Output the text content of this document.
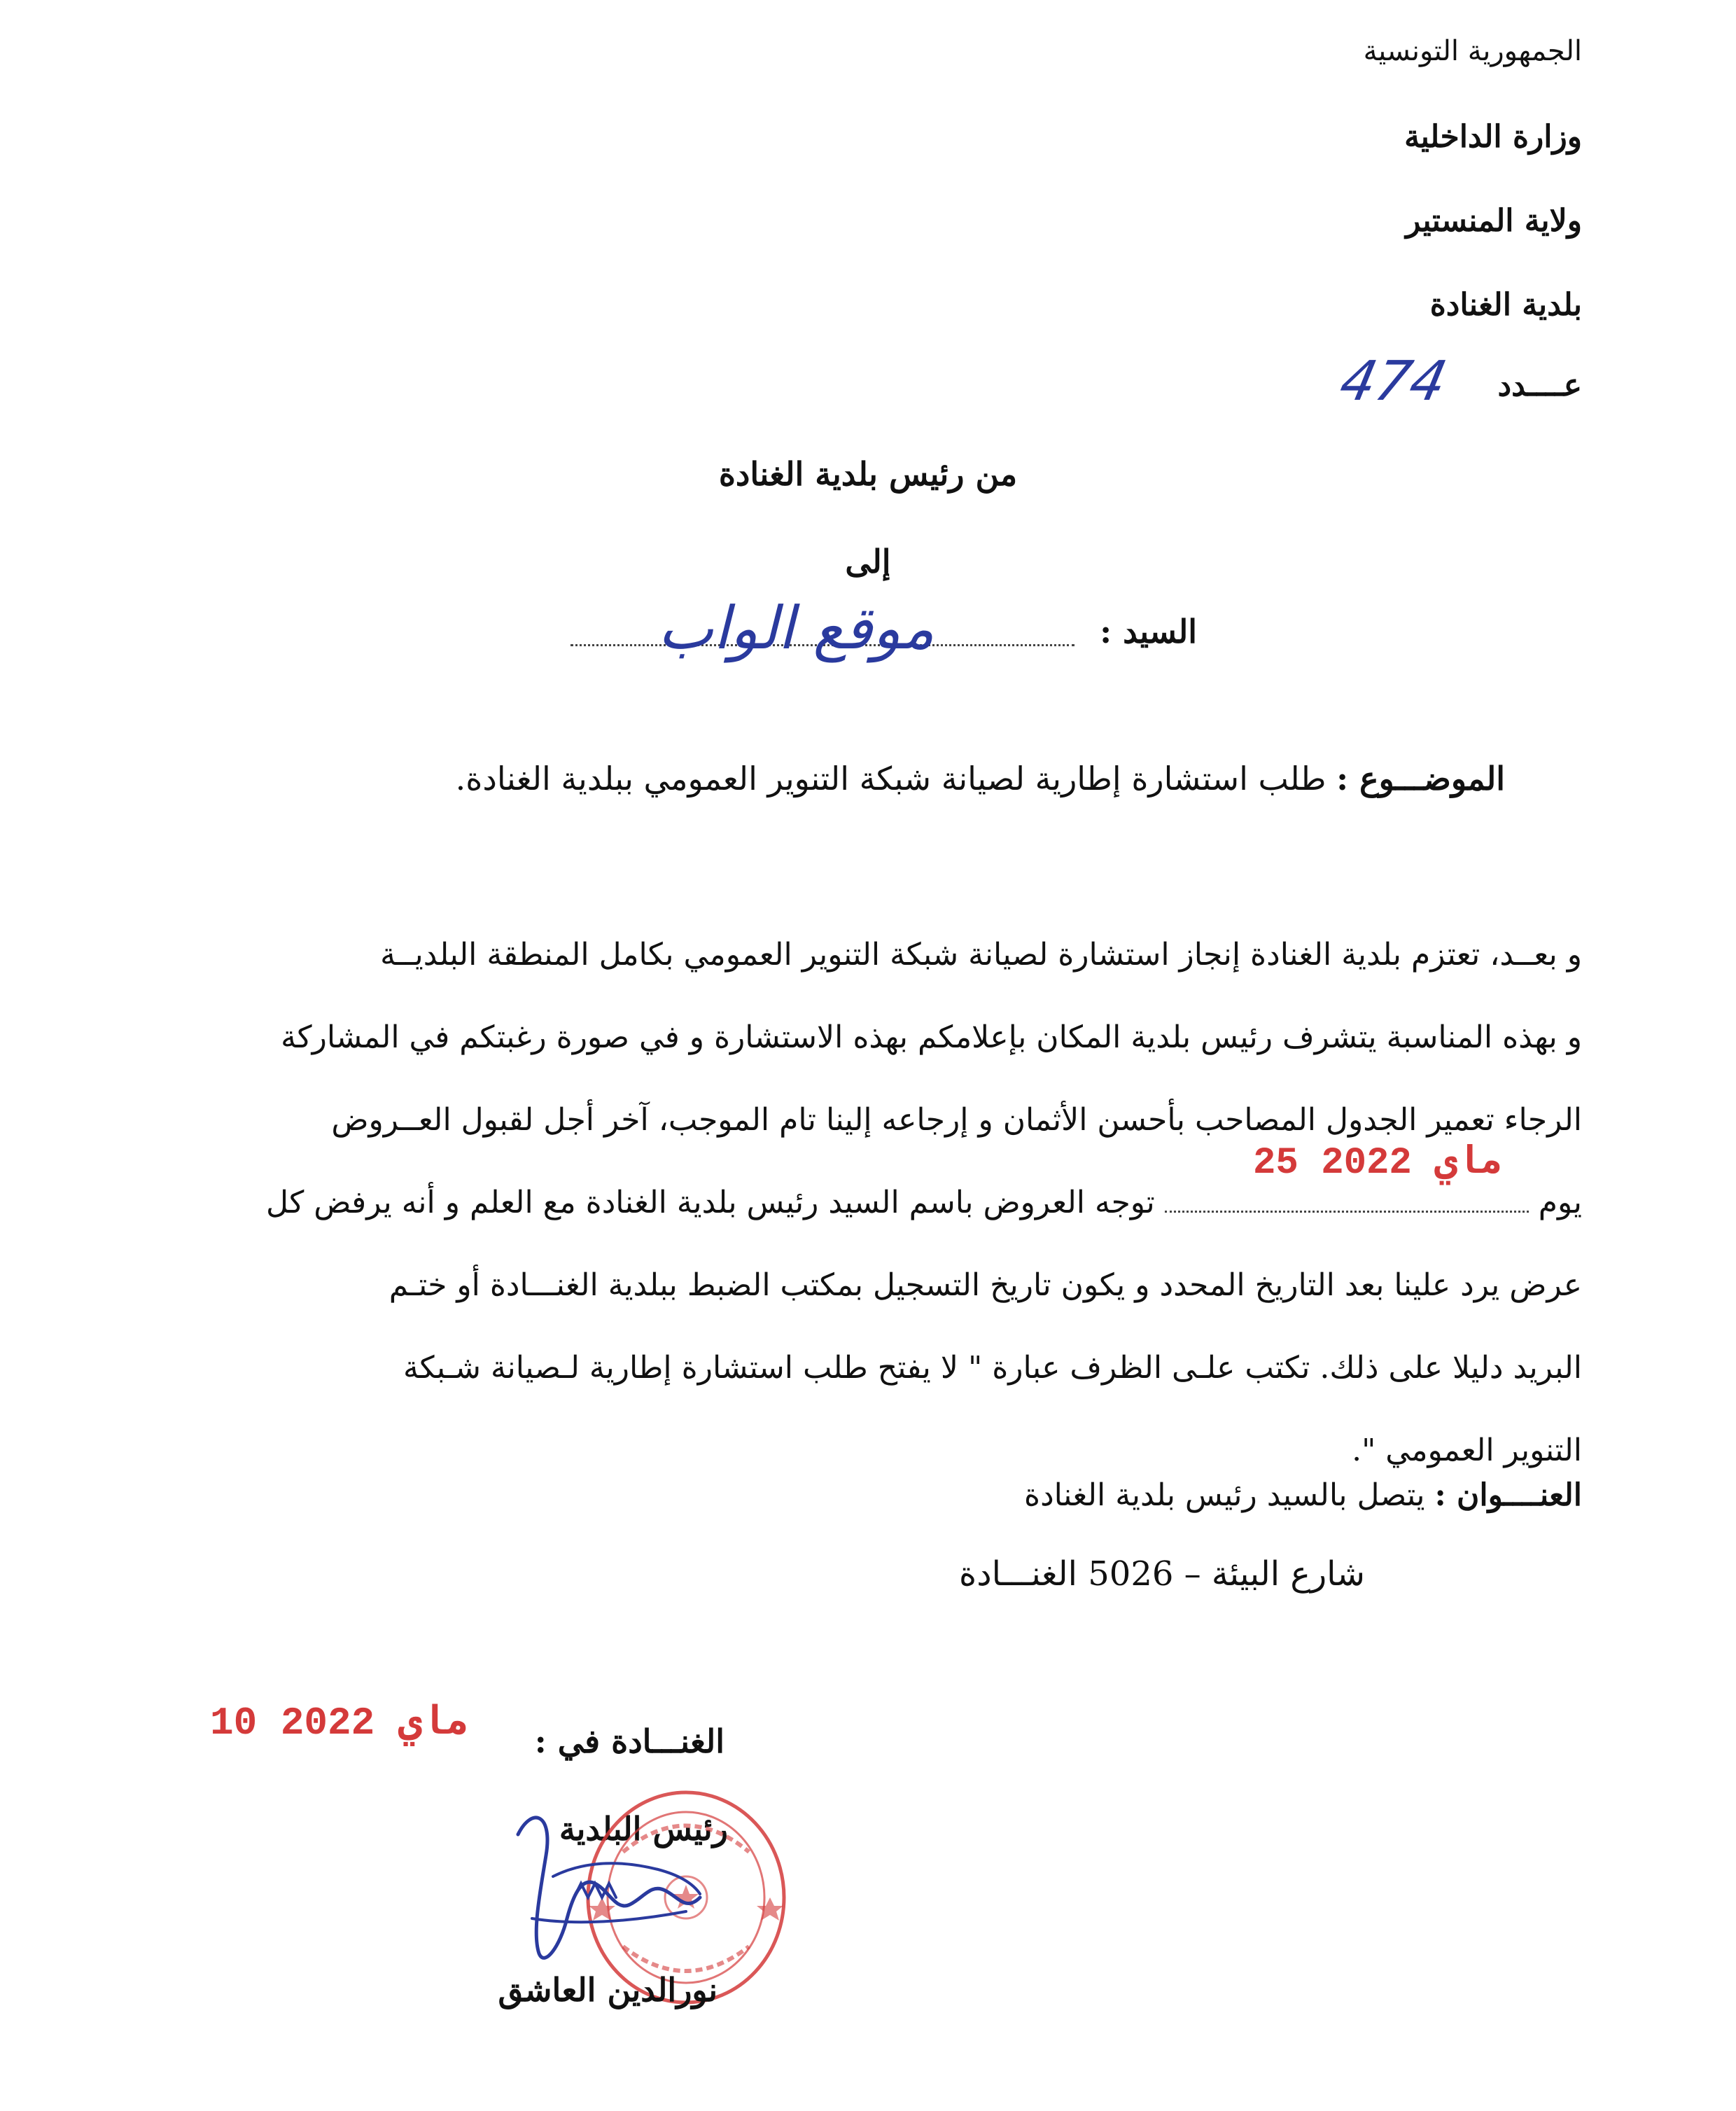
الجمهورية التونسية
وزارة الداخلية
ولاية المنستير
بلدية الغنادة
عــــدد
474
من رئيس بلدية الغنادة
إلى
السيد :
موقع الواب
الموضـــوع : طلب استشارة إطارية لصيانة شبكة التنوير العمومي ببلدية الغنادة.
و بعــد، تعتزم بلدية الغنادة إنجاز استشارة لصيانة شبكة التنوير العمومي بكامل المنطقة البلديــة
و بهذه المناسبة يتشرف رئيس بلدية المكان بإعلامكم بهذه الاستشارة و في صورة رغبتكم في المشاركة
الرجاء تعمير الجدول المصاحب بأحسن الأثمان و إرجاعه إلينا تام الموجب، آخر أجل لقبول العــروض
يوم  توجه العروض باسم السيد رئيس بلدية الغنادة مع العلم و أنه يرفض كل
عرض يرد علينا بعد التاريخ المحدد و يكون تاريخ التسجيل بمكتب الضبط ببلدية الغنـــادة أو ختـم
البريد دليلا على ذلك. تكتب علـى الظرف عبارة " لا يفتح طلب استشارة إطارية لـصيانة شـبكة
التنوير العمومي ".
25 ماي 2022
العنــــوان : يتصل بالسيد رئيس بلدية الغنادة
شارع البيئة – 5026 الغنـــادة
10 ماي 2022 الغنـــادة في :
رئيس البلدية
نورالدين العاشق
